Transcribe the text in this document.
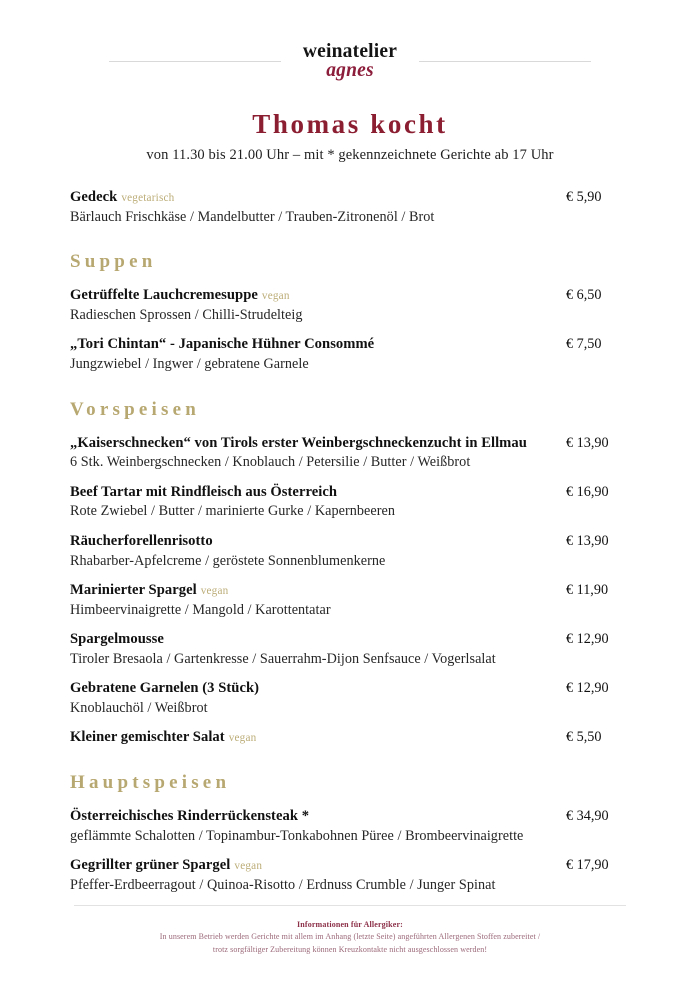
weinatelier
agnes
Thomas kocht
von 11.30 bis 21.00 Uhr – mit * gekennzeichnete Gerichte ab 17 Uhr
Gedeck vegetarisch
Bärlauch Frischkäse / Mandelbutter / Trauben-Zitronenöl / Brot
€ 5,90
Suppen
Getrüffelte Lauchcremesuppe vegan
Radieschen Sprossen / Chilli-Strudelteig
€ 6,50
„Tori Chintan“ - Japanische Hühner Consommé
Jungzwiebel / Ingwer / gebratene Garnele
€ 7,50
Vorspeisen
„Kaiserschnecken“ von Tirols erster Weinbergschneckenzucht in Ellmau
6 Stk. Weinbergschnecken / Knoblauch / Petersilie / Butter / Weißbrot
€ 13,90
Beef Tartar mit Rindfleisch aus Österreich
Rote Zwiebel / Butter / marinierte Gurke / Kapernbeeren
€ 16,90
Räucherforellenrisotto
Rhabarber-Apfelcreme / geröstete Sonnenblumenkerne
€ 13,90
Marinierter Spargel vegan
Himbeervinaigrette / Mangold / Karottentatar
€ 11,90
Spargelmousse
Tiroler Bresaola / Gartenkresse / Sauerrahm-Dijon Senfsauce / Vogerlsalat
€ 12,90
Gebratene Garnelen (3 Stück)
Knoblauchöl / Weißbrot
€ 12,90
Kleiner gemischter Salat vegan	€ 5,50
Hauptspeisen
Österreichisches Rinderrückensteak *
geflämmte Schalotten / Topinambur-Tonkabohnen Püree / Brombeervinaigrette
€ 34,90
Gegrillter grüner Spargel vegan
Pfeffer-Erdbeerragout / Quinoa-Risotto / Erdnuss Crumble / Junger Spinat
€ 17,90
Informationen für Allergiker:
In unserem Betrieb werden Gerichte mit allem im Anhang (letzte Seite) angeführten Allergenen Stoffen zubereitet /
trotz sorgfältiger Zubereitung können Kreuzkontakte nicht ausgeschlossen werden!
